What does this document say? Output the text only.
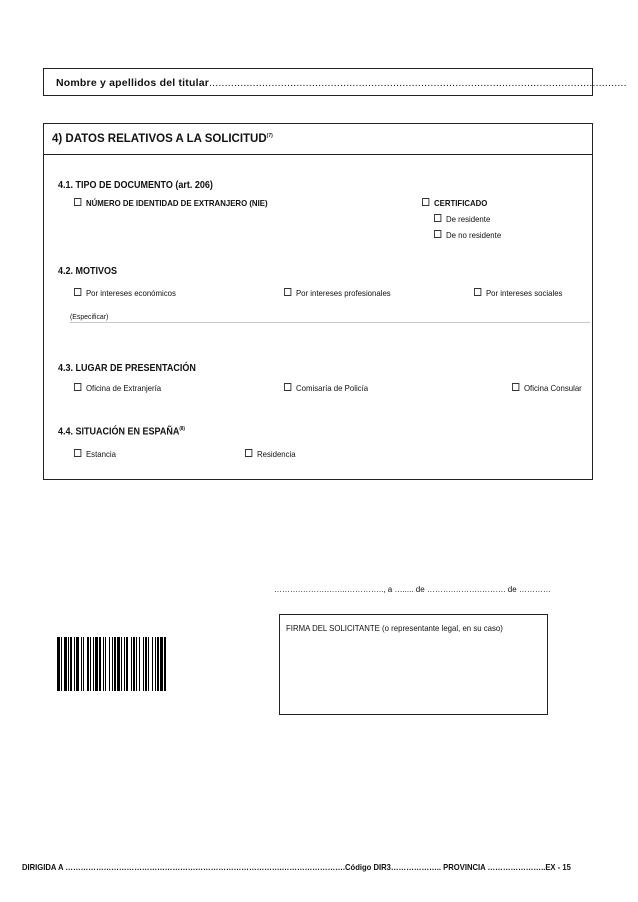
Nombre y apellidos del titular......................................................................................................................................
4) DATOS RELATIVOS A LA SOLICITUD$^{(7)}$
4.1. TIPO DE DOCUMENTO (art. 206)
NÚMERO DE IDENTIDAD DE EXTRANJERO (NIE)	CERTIFICADO
De residente
De no residente
4.2. MOTIVOS
Por intereses económicos	Por intereses profesionales	Por intereses sociales
(Especificar)
4.3. LUGAR DE PRESENTACIÓN
Oficina de Extranjería	Comisaría de Policía	Oficina Consular
4.4. SITUACIÓN EN ESPAÑA$^{(8)}$
Estancia	Residencia
……….……….……..………….., a …..... de ……….……….………. de …………
FIRMA DEL SOLICITANTE (o representante legal, en su caso)
DIRIGIDA A ………………………………………………………………………….…………………….Código DIR3……………….. PROVINCIA …………………..EX - 15
